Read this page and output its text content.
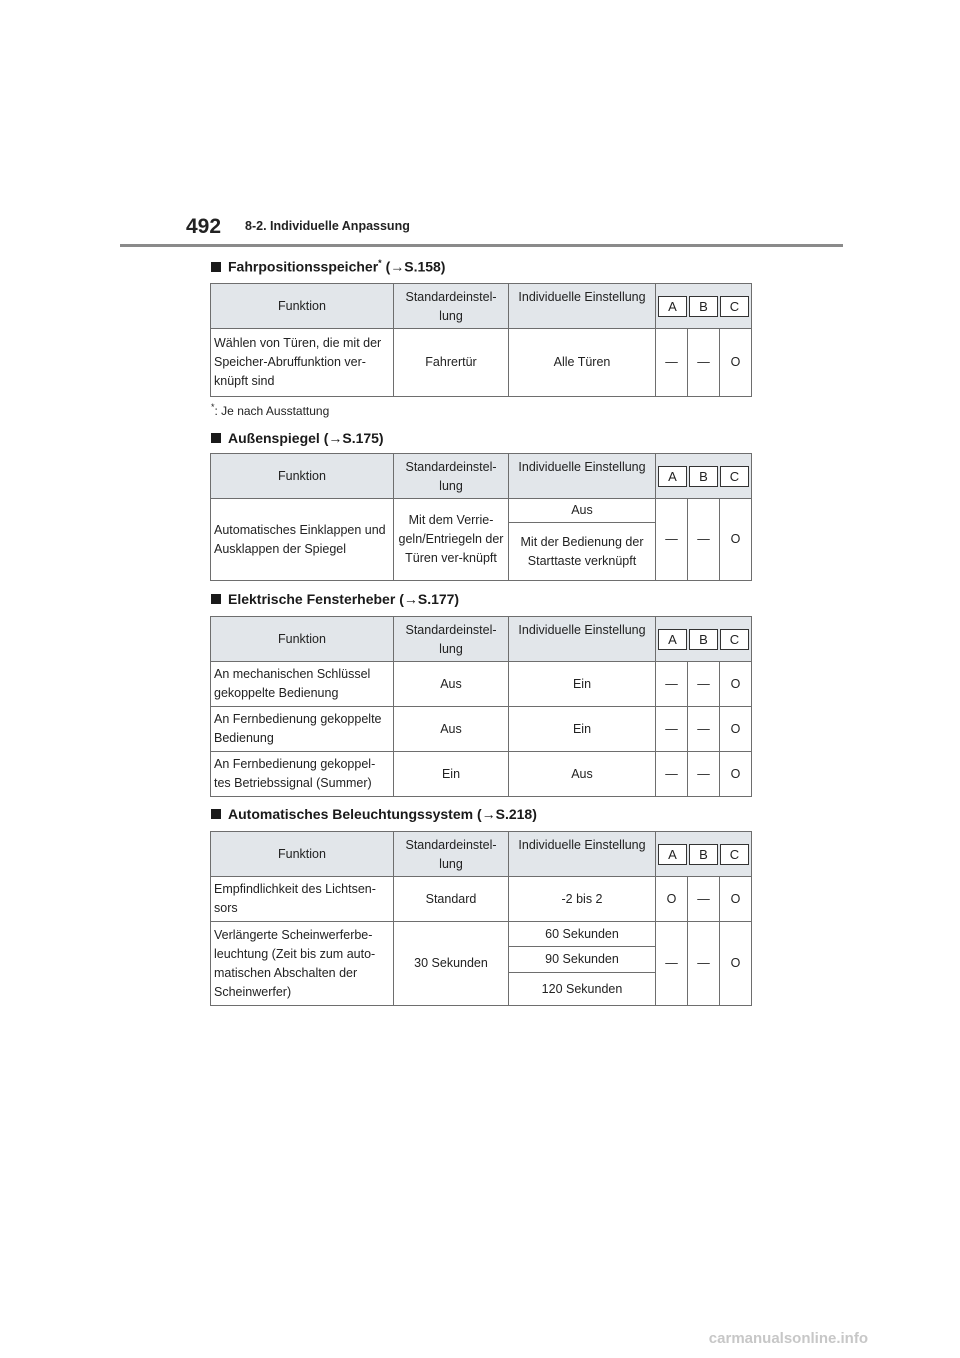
492 8-2. Individuelle Anpassung
Fahrpositionsspeicher* (→S.158)
Funktion	Standardeinstel-lung	Individuelle Einstellung	A B C		

Wählen von Türen, die mit der Speicher-Abruffunktion ver-knüpft sind	Fahrertür	Alle Türen	—	—	O
*: Je nach Ausstattung
Außenspiegel (→S.175)
Funktion	Standardeinstel-lung	Individuelle Einstellung	A B C		

Automatisches Einklappen und Ausklappen der Spiegel	Mit dem Verrie-geln/Entriegeln der Türen ver-knüpft	Aus	—	—	O
		Mit der Bedienung der Starttaste verknüpft			
Elektrische Fensterheber (→S.177)
Funktion	Standardeinstel-lung	Individuelle Einstellung	A B C		

An mechanischen Schlüssel gekoppelte Bedienung	Aus	Ein	—	—	O
An Fernbedienung gekoppelte Bedienung	Aus	Ein	—	—	O
An Fernbedienung gekoppel-tes Betriebssignal (Summer)	Ein	Aus	—	—	O
Automatisches Beleuchtungssystem (→S.218)
Funktion	Standardeinstel-lung	Individuelle Einstellung	A B C		

Empfindlichkeit des Lichtsen-sors	Standard	-2 bis 2	O	—	O
Verlängerte Scheinwerferbe-leuchtung (Zeit bis zum auto-matischen Abschalten der Scheinwerfer)	30 Sekunden	60 Sekunden	—	—	O
		90 Sekunden			
		120 Sekunden			
carmanualsonline.info
